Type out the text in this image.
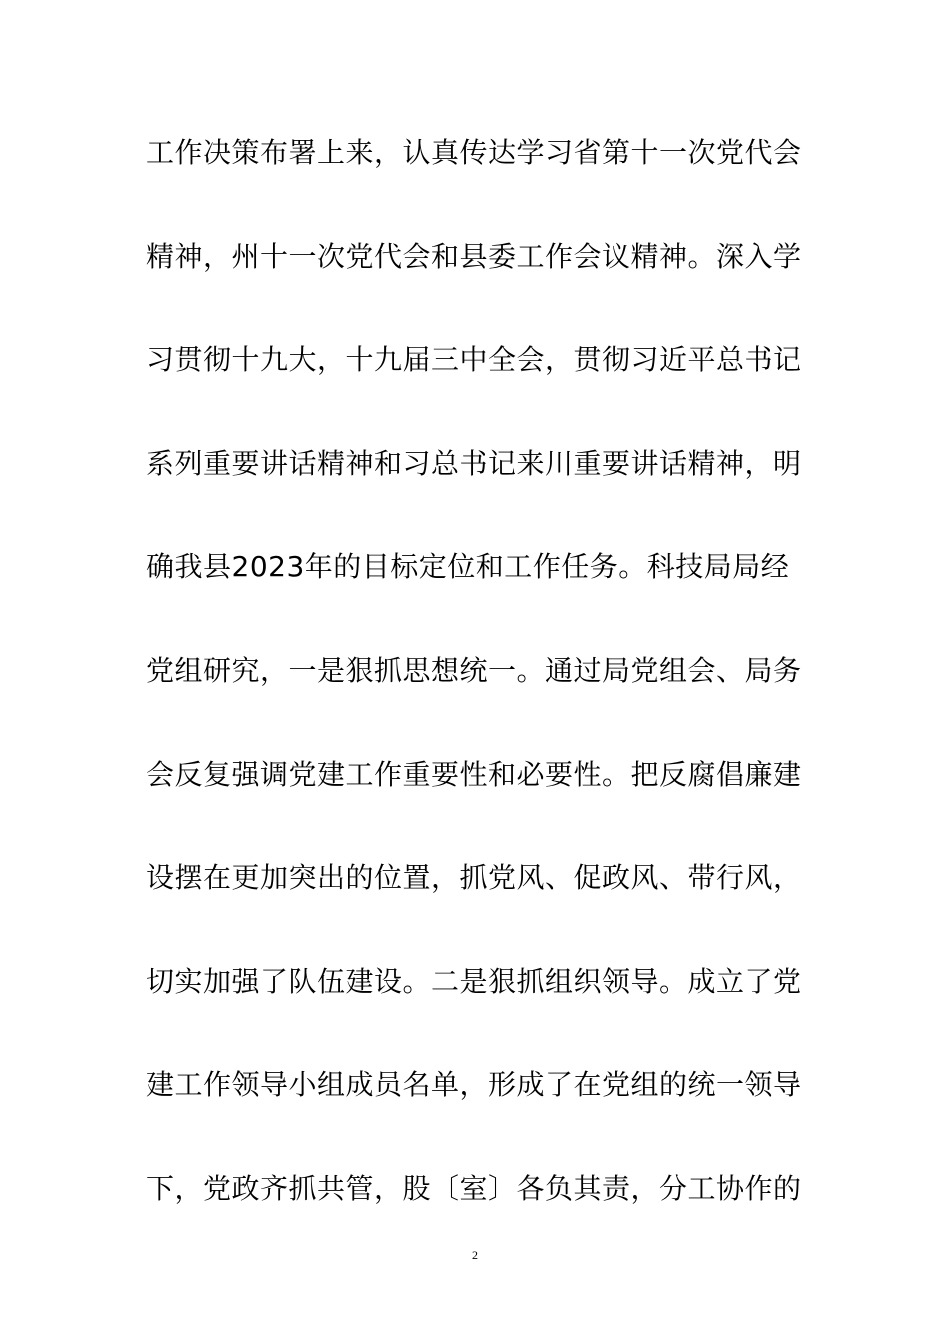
工作决策布署上来，认真传达学习省第十一次党代会
精神，州十一次党代会和县委工作会议精神。深入学
习贯彻十九大，十九届三中全会，贯彻习近平总书记
系列重要讲话精神和习总书记来川重要讲话精神，明
确我县2023年的目标定位和工作任务。科技局局经
党组研究，一是狠抓思想统一。通过局党组会、局务
会反复强调党建工作重要性和必要性。把反腐倡廉建
设摆在更加突出的位置，抓党风、促政风、带行风，
切实加强了队伍建设。二是狠抓组织领导。成立了党
建工作领导小组成员名单，形成了在党组的统一领导
下，党政齐抓共管，股〔室〕各负其责，分工协作的
2
